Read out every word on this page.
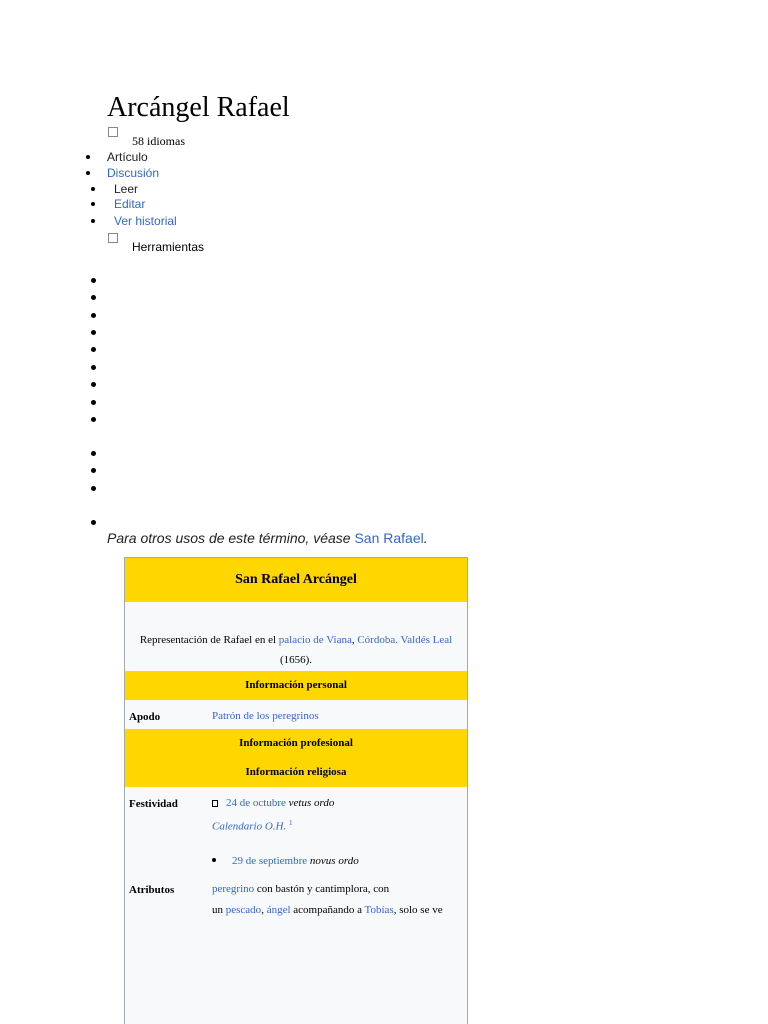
Arcángel Rafael
58 idiomas
Artículo
Discusión
Leer
Editar
Ver historial
Herramientas
Para otros usos de este término, véase San Rafael.
San Rafael Arcángel
Representación de Rafael en el palacio de Viana, Córdoba. Valdés Leal (1656).
Información personal
Apodo	Patrón de los peregrinos
Información profesional
Información religiosa
Festividad	24 de octubre vetus ordo
Calendario O.H. $^1$
29 de septiembre novus ordo
Atributos	peregrino con bastón y cantimplora, con
un pescado, ángel acompañando a Tobías, solo se ve
